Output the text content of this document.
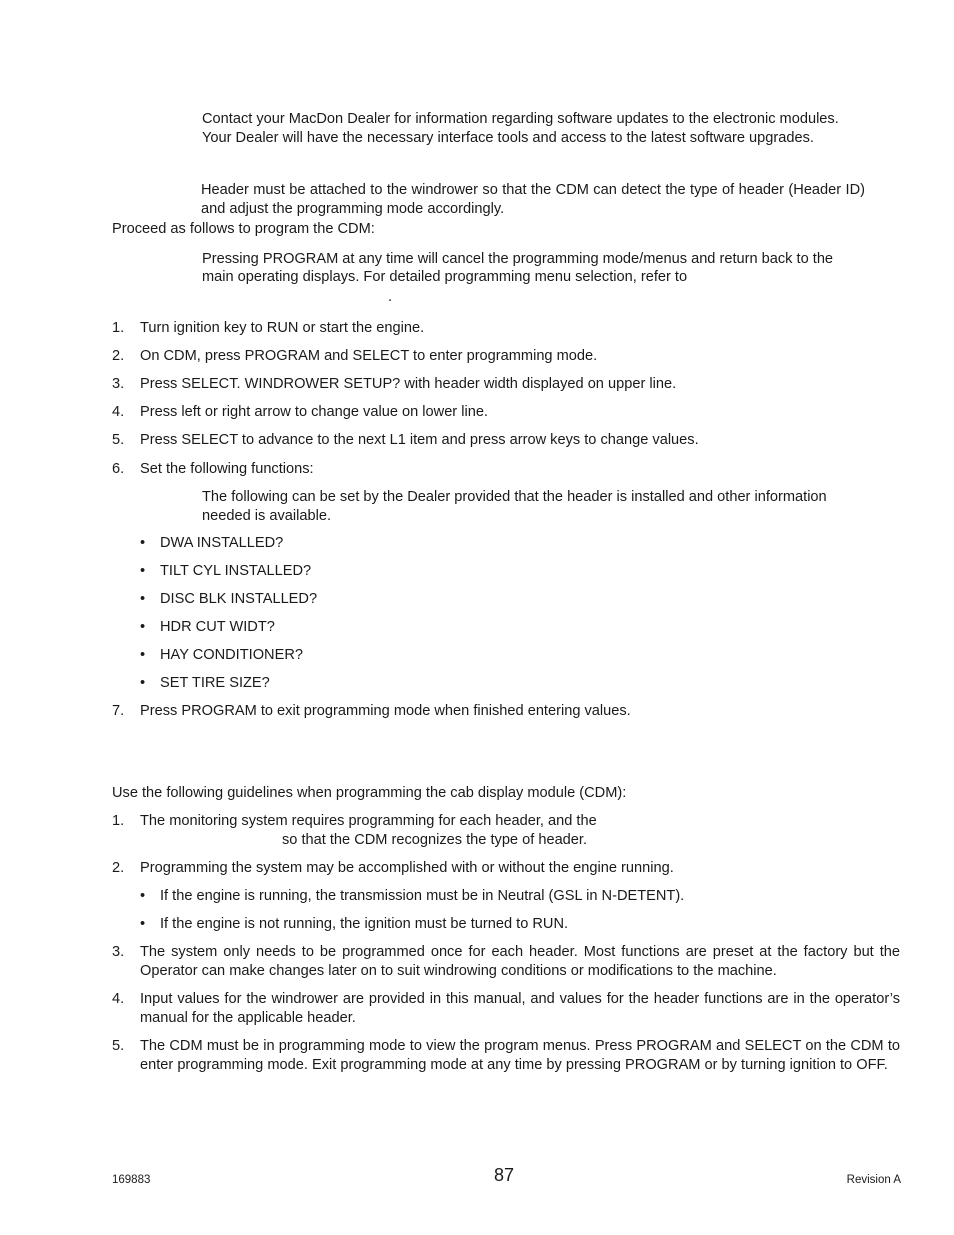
Contact your MacDon Dealer for information regarding software updates to the electronic modules.

Your Dealer will have the necessary interface tools and access to the latest software upgrades.

Header must be attached to the windrower so that the CDM can detect the type of header (Header ID) and adjust the programming mode accordingly.

Proceed as follows to program the CDM:

Pressing PROGRAM at any time will cancel the programming mode/menus and return back to the

main operating displays. For detailed programming menu selection, refer to

.

1.	Turn ignition key to RUN or start the engine.
2.	On CDM, press PROGRAM and SELECT to enter programming mode.
3.	Press SELECT. WINDROWER SETUP? with header width displayed on upper line.
4.	Press left or right arrow to change value on lower line.
5.	Press SELECT to advance to the next L1 item and press arrow keys to change values.
6.	Set the following functions:

The following can be set by the Dealer provided that the header is installed and other information needed is available.

•	DWA INSTALLED?
•	TILT CYL INSTALLED?
•	DISC BLK INSTALLED?
•	HDR CUT WIDT?
•	HAY CONDITIONER?
•	SET TIRE SIZE?
7.	Press PROGRAM to exit programming mode when finished entering values.

Use the following guidelines when programming the cab display module (CDM):

1.	The monitoring system requires programming for each header, and the
so that the CDM recognizes the type of header.
2.	Programming the system may be accomplished with or without the engine running.
•	If the engine is running, the transmission must be in Neutral (GSL in N-DETENT).
•	If the engine is not running, the ignition must be turned to RUN.
3.	The system only needs to be programmed once for each header. Most functions are preset at the factory but the Operator can make changes later on to suit windrowing conditions or modifications to the machine.

4.	Input values for the windrower are provided in this manual, and values for the header functions are in the operator’s manual for the applicable header.

5.	The CDM must be in programming mode to view the program menus. Press PROGRAM and SELECT on the CDM to enter programming mode. Exit programming mode at any time by pressing PROGRAM or by turning ignition to OFF.

169883	87	Revision A
